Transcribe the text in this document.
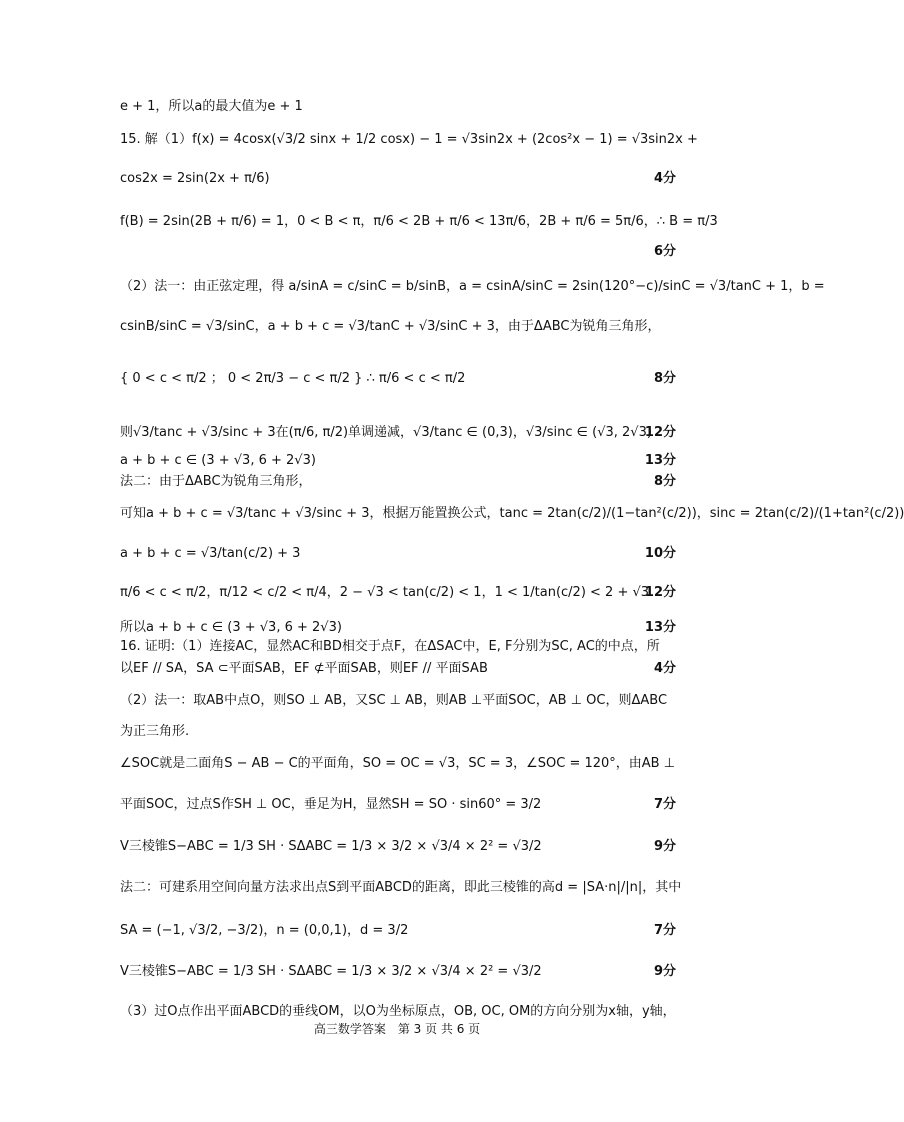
e + 1，所以a的最大值为e + 1
15. 解（1）f(x) = 4cosx(√3/2 sinx + 1/2 cosx) − 1 = √3sin2x + (2cos²x − 1) = √3sin2x +
cos2x = 2sin(2x + π/6)	4分
f(B) = 2sin(2B + π/6) = 1，0 < B < π，π/6 < 2B + π/6 < 13π/6，2B + π/6 = 5π/6，∴ B = π/3
6分
（2）法一：由正弦定理，得 a/sinA = c/sinC = b/sinB，a = csinA/sinC = 2sin(120°−c)/sinC = √3/tanC + 1，b =
csinB/sinC = √3/sinC，a + b + c = √3/tanC + √3/sinC + 3，由于ΔABC为锐角三角形，
{ 0 < c < π/2 ； 0 < 2π/3 − c < π/2 } ∴ π/6 < c < π/2	8分
则√3/tanc + √3/sinc + 3在(π/6, π/2)单调递减，√3/tanc ∈ (0,3)，√3/sinc ∈ (√3, 2√3)
12分
a + b + c ∈ (3 + √3, 6 + 2√3)	13分
法二：由于ΔABC为锐角三角形，	8分
可知a + b + c = √3/tanc + √3/sinc + 3，根据万能置换公式，tanc = 2tan(c/2)/(1−tan²(c/2))，sinc = 2tan(c/2)/(1+tan²(c/2))
a + b + c = √3/tan(c/2) + 3	10分
π/6 < c < π/2，π/12 < c/2 < π/4，2 − √3 < tan(c/2) < 1，1 < 1/tan(c/2) < 2 + √3
12分
所以a + b + c ∈ (3 + √3, 6 + 2√3)	13分
16. 证明:（1）连接AC，显然AC和BD相交于点F，在ΔSAC中，E, F分别为SC, AC的中点，所
以EF // SA，SA ⊂平面SAB，EF ⊄平面SAB，则EF // 平面SAB	4分
（2）法一：取AB中点O，则SO ⊥ AB，又SC ⊥ AB，则AB ⊥平面SOC，AB ⊥ OC，则ΔABC
为正三角形.
∠SOC就是二面角S − AB − C的平面角，SO = OC = √3，SC = 3，∠SOC = 120°，由AB ⊥
平面SOC，过点S作SH ⊥ OC，垂足为H，显然SH = SO · sin60° = 3/2	7分
V三棱锥S−ABC = 1/3 SH · SΔABC = 1/3 × 3/2 × √3/4 × 2² = √3/2	9分
法二：可建系用空间向量方法求出点S到平面ABCD的距离，即此三棱锥的高d = |SA·n|/|n|，其中
SA = (−1, √3/2, −3/2)，n = (0,0,1)，d = 3/2	7分
V三棱锥S−ABC = 1/3 SH · SΔABC = 1/3 × 3/2 × √3/4 × 2² = √3/2	9分
（3）过O点作出平面ABCD的垂线OM，以O为坐标原点，OB, OC, OM的方向分别为x轴，y轴，
高三数学答案　第 3 页 共 6 页
